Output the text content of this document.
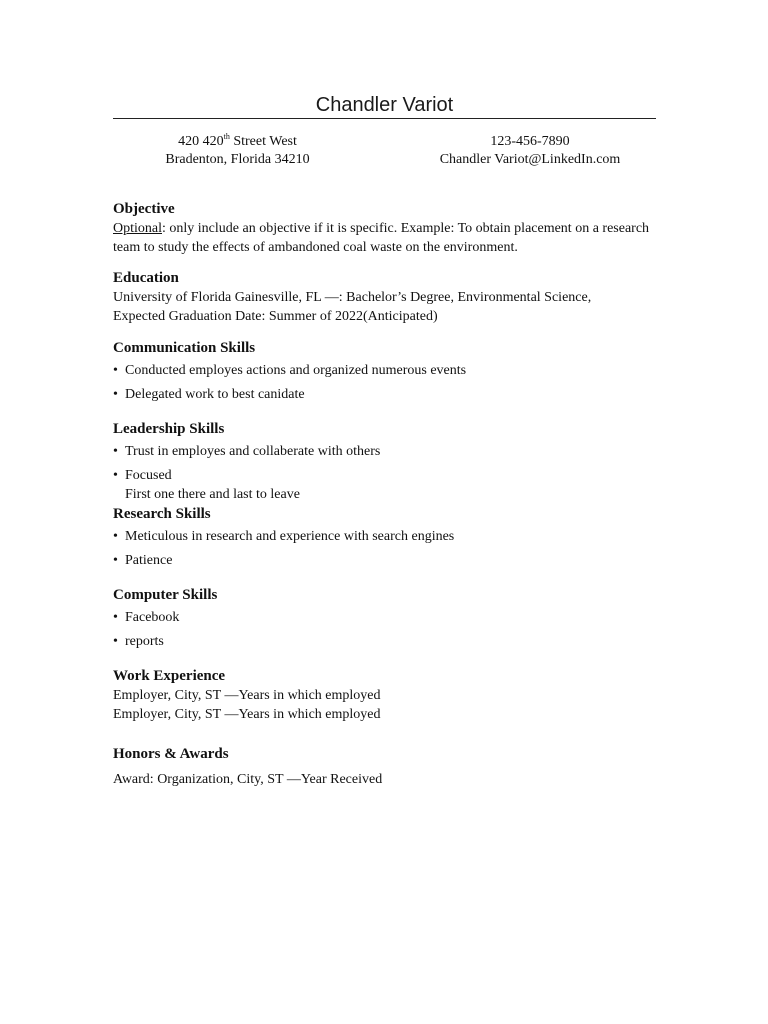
Chandler Variot
420 420th Street West
Bradenton, Florida 34210
123-456-7890
Chandler Variot@LinkedIn.com
Objective

Optional: only include an objective if it is specific. Example: To obtain placement on a research team to study the effects of ambandoned coal waste on the environment.

Education

University of Florida Gainesville, FL —: Bachelor’s Degree, Environmental Science,

Expected Graduation Date: Summer of 2022(Anticipated)

Communication Skills
• Conducted employes actions and organized numerous events
• Delegated work to best canidate
Leadership Skills
• Trust in employes and collaberate with others
• Focused
First one there and last to leave
Research Skills
• Meticulous in research and experience with search engines
• Patience
Computer Skills
• Facebook
• reports
Work Experience

Employer, City, ST —Years in which employed

Employer, City, ST —Years in which employed

Honors & Awards

Award: Organization, City, ST —Year Received
